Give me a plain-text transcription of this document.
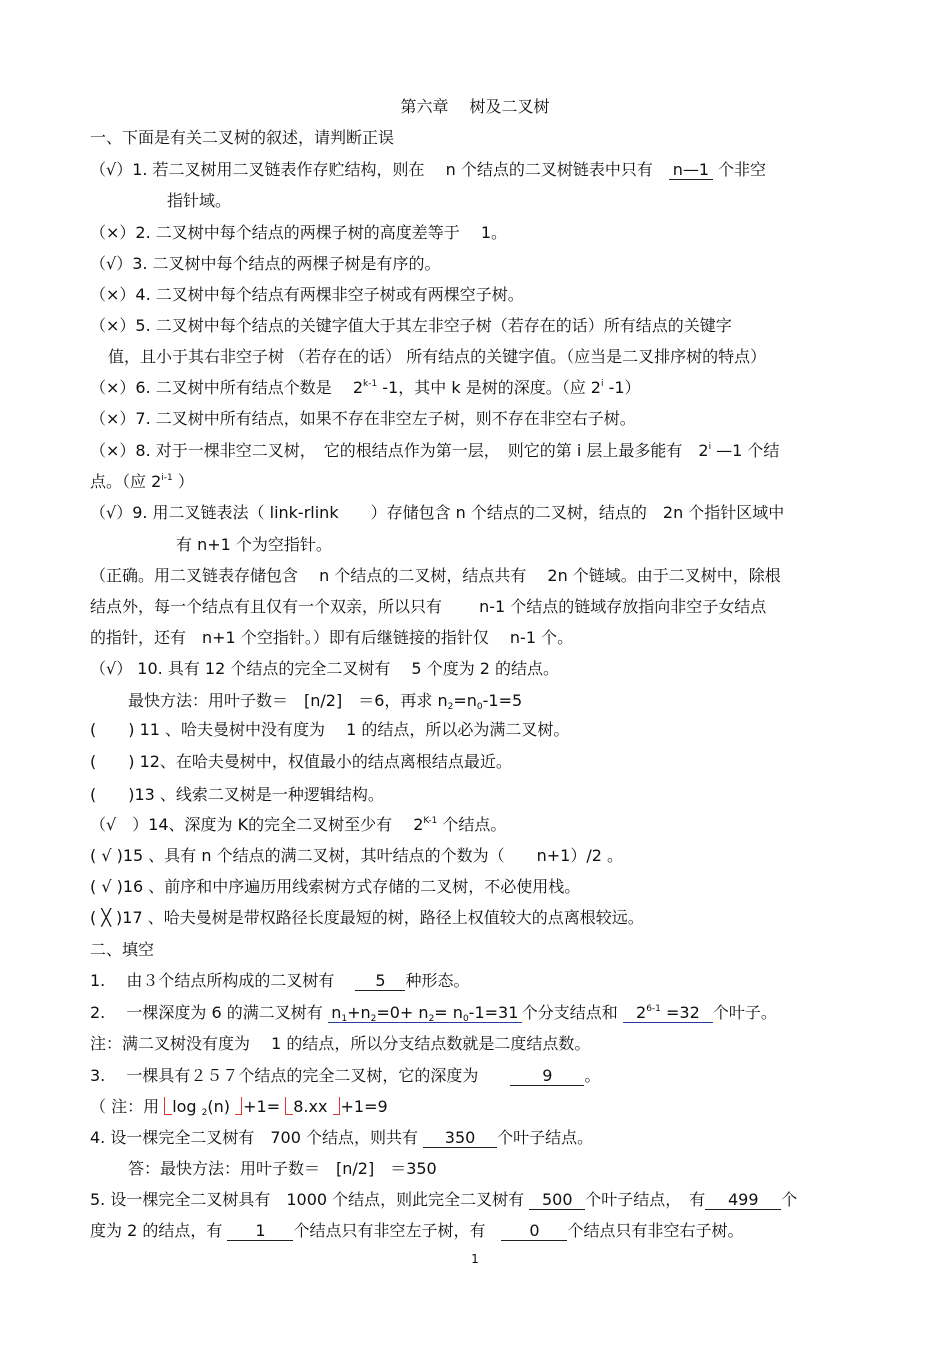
第六章　 树及二叉树
一、下面是有关二叉树的叙述，请判断正误
（√）1. 若二叉树用二叉链表作存贮结构，则在　 n 个结点的二叉树链表中只有　n—1 个非空
指针域。
（×）2. 二叉树中每个结点的两棵子树的高度差等于　 1。
（√）3. 二叉树中每个结点的两棵子树是有序的。
（×）4. 二叉树中每个结点有两棵非空子树或有两棵空子树。
（×）5. 二叉树中每个结点的关键字值大于其左非空子树（若存在的话）所有结点的关键字
值，且小于其右非空子树 （若存在的话） 所有结点的关键字值。（应当是二叉排序树的特点）
（×）6. 二叉树中所有结点个数是　 2$^{k-1}$ -1，其中 k 是树的深度。（应 2$^i$ -1）
（×）7. 二叉树中所有结点，如果不存在非空左子树，则不存在非空右子树。
（×）8. 对于一棵非空二叉树，　它的根结点作为第一层，　则它的第 i 层上最多能有　2$^i$ —1 个结
点。（应 2$^{i-1}$ ）
（√）9. 用二叉链表法（ link-rlink　　）存储包含 n 个结点的二叉树，结点的　2n 个指针区域中
有 n+1 个为空指针。
（正确。用二叉链表存储包含　 n 个结点的二叉树，结点共有　 2n 个链域。由于二叉树中，除根
结点外，每一个结点有且仅有一个双亲，所以只有　　 n-1 个结点的链域存放指向非空子女结点
的指针，还有　n+1 个空指针。）即有后继链接的指针仅　 n-1 个。
（√） 10. 具有 12 个结点的完全二叉树有　 5 个度为 2 的结点。
最快方法：用叶子数＝　[n/2]　＝6，再求 $n_2=n_0-1=5$
(　　) 11 、哈夫曼树中没有度为　 1 的结点，所以必为满二叉树。
(　　) 12、在哈夫曼树中，权值最小的结点离根结点最近。
(　　)13 、线索二叉树是一种逻辑结构。
（√　）14、深度为 K的完全二叉树至少有　 $2^{K-1}$ 个结点。
( √ )15 、具有 n 个结点的满二叉树，其叶结点的个数为（　　n+1）/2 。
( √ )16 、前序和中序遍历用线索树方式存储的二叉树，不必使用栈。
( ╳ )17 、哈夫曼树是带权路径长度最短的树，路径上权值较大的点离根较远。
二、填空
1.　 由３个结点所构成的二叉树有　 5 种形态。
2.　 一棵深度为 6 的满二叉树有 $n_1+n_2=0+ n_2= n_0-1=31$ 个分支结点和 $2^{6-1} =32$ 个叶子。
注：满二叉树没有度为　 1 的结点，所以分支结点数就是二度结点数。
3.　 一棵具有２５７个结点的完全二叉树，它的深度为　　9 。
（ 注：用 log $_2$(n) +1= 8.xx +1=9
4. 设一棵完全二叉树有　700 个结点，则共有 350 个叶子结点。
答：最快方法：用叶子数＝　[n/2]　＝350
5. 设一棵完全二叉树具有　1000 个结点，则此完全二叉树有 500 个叶子结点，　有 499 个
度为 2 的结点，有 1 个结点只有非空左子树，有　0 个结点只有非空右子树。
1
